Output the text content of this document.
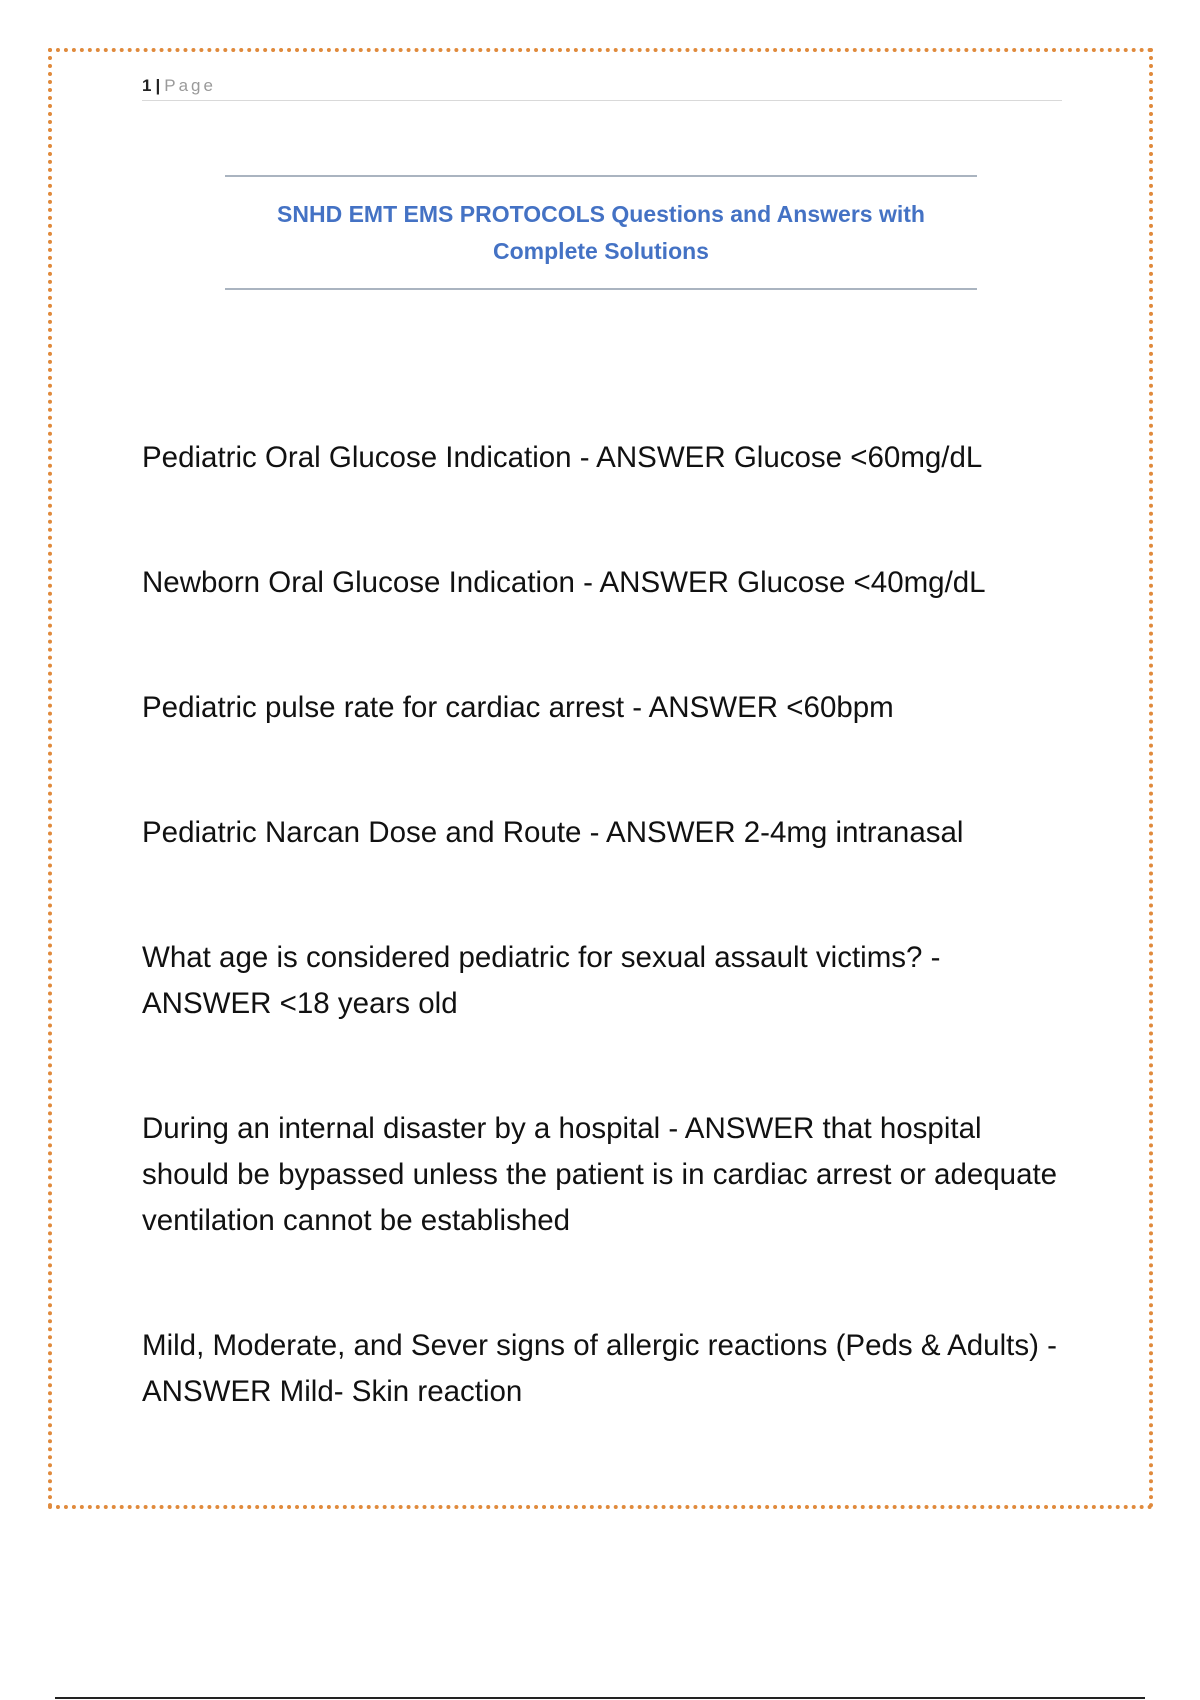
1 | Page
SNHD EMT EMS PROTOCOLS Questions and Answers with
Complete Solutions
Pediatric Oral Glucose Indication - ANSWER Glucose <60mg/dL
Newborn Oral Glucose Indication - ANSWER Glucose <40mg/dL
Pediatric pulse rate for cardiac arrest - ANSWER <60bpm
Pediatric Narcan Dose and Route - ANSWER 2-4mg intranasal
What age is considered pediatric for sexual assault victims? - ANSWER <18 years old
During an internal disaster by a hospital - ANSWER that hospital should be bypassed unless the patient is in cardiac arrest or adequate ventilation cannot be established
Mild, Moderate, and Sever signs of allergic reactions (Peds & Adults) - ANSWER Mild- Skin reaction
